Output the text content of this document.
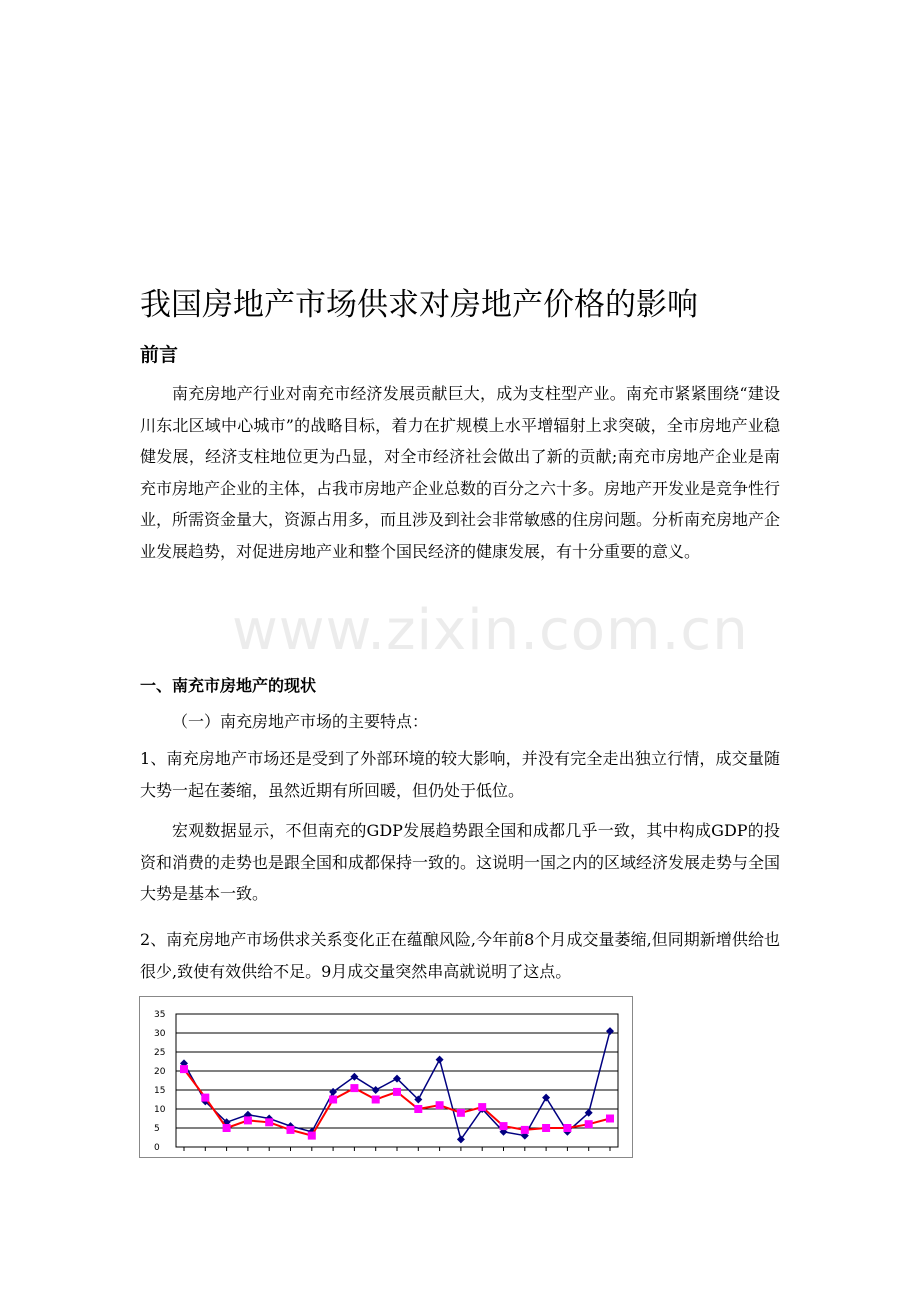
我国房地产市场供求对房地产价格的影响
前言

南充房地产行业对南充市经济发展贡献巨大，成为支柱型产业。南充市紧紧围绕“建设川东北区域中心城市”的战略目标，着力在扩规模上水平增辐射上求突破，全市房地产业稳健发展，经济支柱地位更为凸显，对全市经济社会做出了新的贡献;南充市房地产企业是南充市房地产企业的主体，占我市房地产企业总数的百分之六十多。房地产开发业是竞争性行业，所需资金量大，资源占用多，而且涉及到社会非常敏感的住房问题。分析南充房地产企业发展趋势，对促进房地产业和整个国民经济的健康发展，有十分重要的意义。

www.zixin.com.cn
一、南充市房地产的现状

（一）南充房地产市场的主要特点：

1、南充房地产市场还是受到了外部环境的较大影响，并没有完全走出独立行情，成交量随大势一起在萎缩，虽然近期有所回暖，但仍处于低位。

宏观数据显示，不但南充的GDP发展趋势跟全国和成都几乎一致，其中构成GDP的投资和消费的走势也是跟全国和成都保持一致的。这说明一国之内的区域经济发展走势与全国大势是基本一致。

2、南充房地产市场供求关系变化正在蕴酿风险,今年前8个月成交量萎缩,但同期新增供给也很少,致使有效供给不足。9月成交量突然串高就说明了这点。

0
5
10
15
20
25
30
35
